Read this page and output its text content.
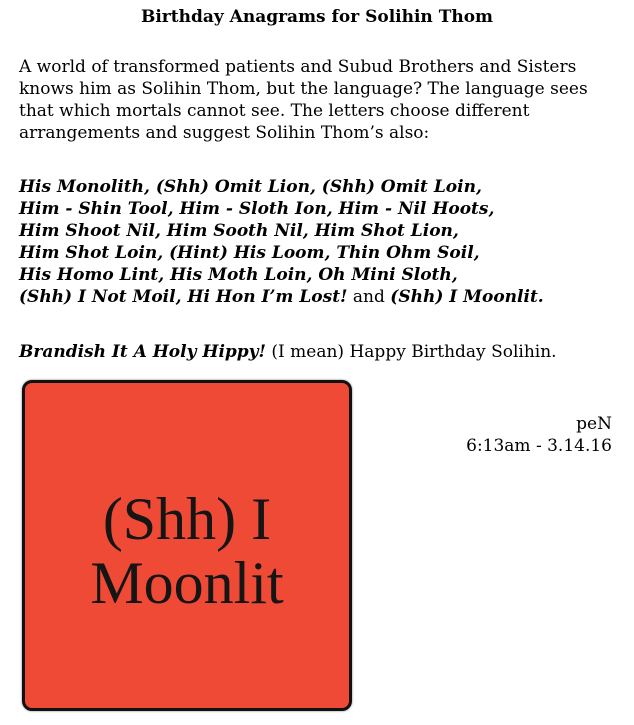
Birthday Anagrams for Solihin Thom

A world of transformed patients and Subud Brothers and Sisters knows him as Solihin Thom, but the language? The language sees that which mortals cannot see. The letters choose different arrangements and suggest Solihin Thom’s also:

His Monolith, (Shh) Omit Lion, (Shh) Omit Loin,
Him - Shin Tool, Him - Sloth Ion, Him - Nil Hoots,
Him Shoot Nil, Him Sooth Nil, Him Shot Lion,
Him Shot Loin, (Hint) His Loom, Thin Ohm Soil,
His Homo Lint, His Moth Loin, Oh Mini Sloth,
(Shh) I Not Moil, Hi Hon I’m Lost! and (Shh) I Moonlit.

Brandish It A Holy Hippy! (I mean) Happy Birthday Solihin.

(Shh) I
Moonlit

peN
6:13am - 3.14.16
